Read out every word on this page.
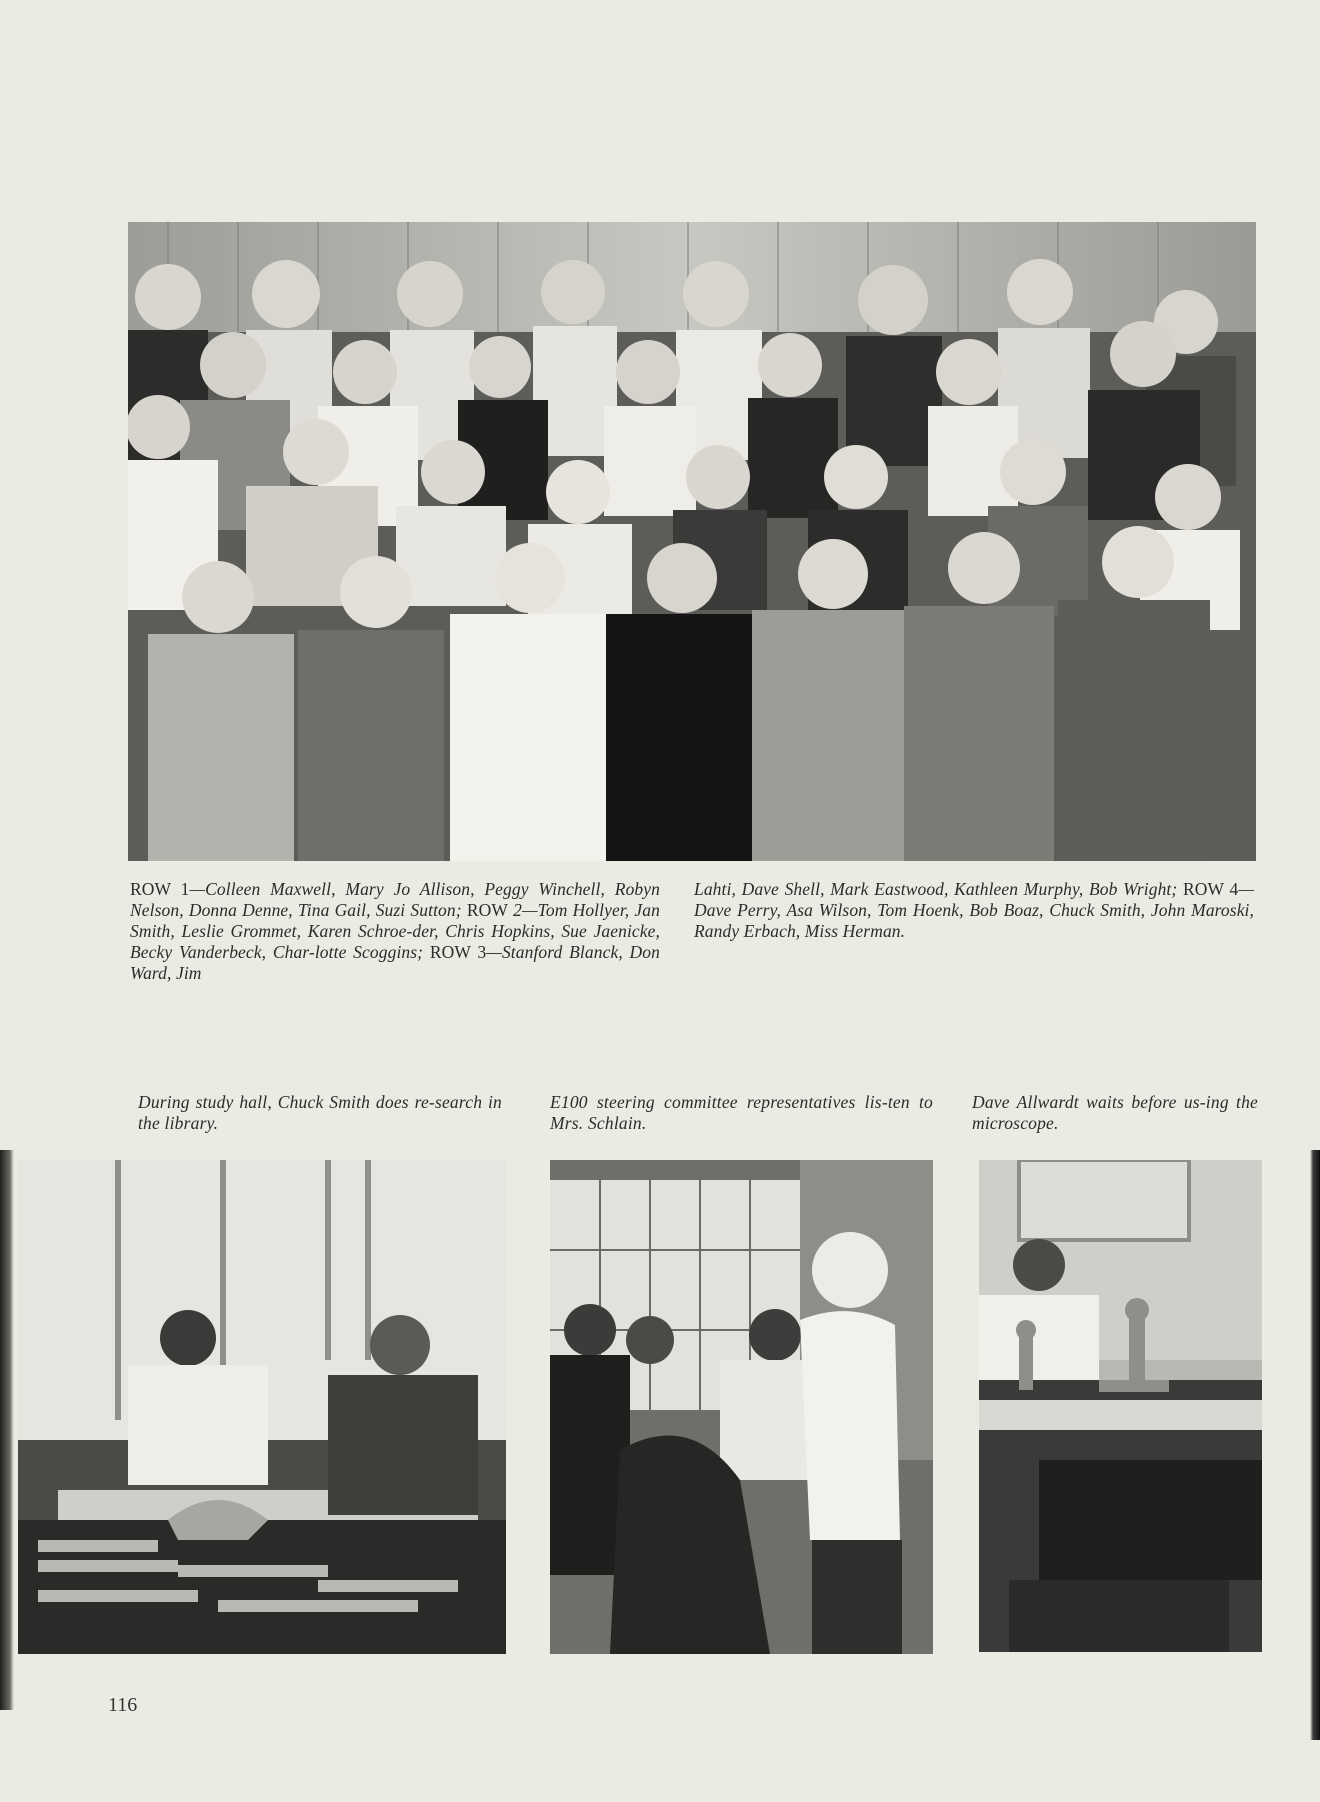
ROW 1—Colleen Maxwell, Mary Jo Allison, Peggy Winchell, Robyn Nelson, Donna Denne, Tina Gail, Suzi Sutton; ROW 2—Tom Hollyer, Jan Smith, Leslie Grommet, Karen Schroe-der, Chris Hopkins, Sue Jaenicke, Becky Vanderbeck, Char-lotte Scoggins; ROW 3—Stanford Blanck, Don Ward, Jim
Lahti, Dave Shell, Mark Eastwood, Kathleen Murphy, Bob Wright; ROW 4—Dave Perry, Asa Wilson, Tom Hoenk, Bob Boaz, Chuck Smith, John Maroski, Randy Erbach, Miss Herman.
During study hall, Chuck Smith does re-search in the library.
E100 steering committee representatives lis-ten to Mrs. Schlain.
Dave Allwardt waits before us-ing the microscope.
116
